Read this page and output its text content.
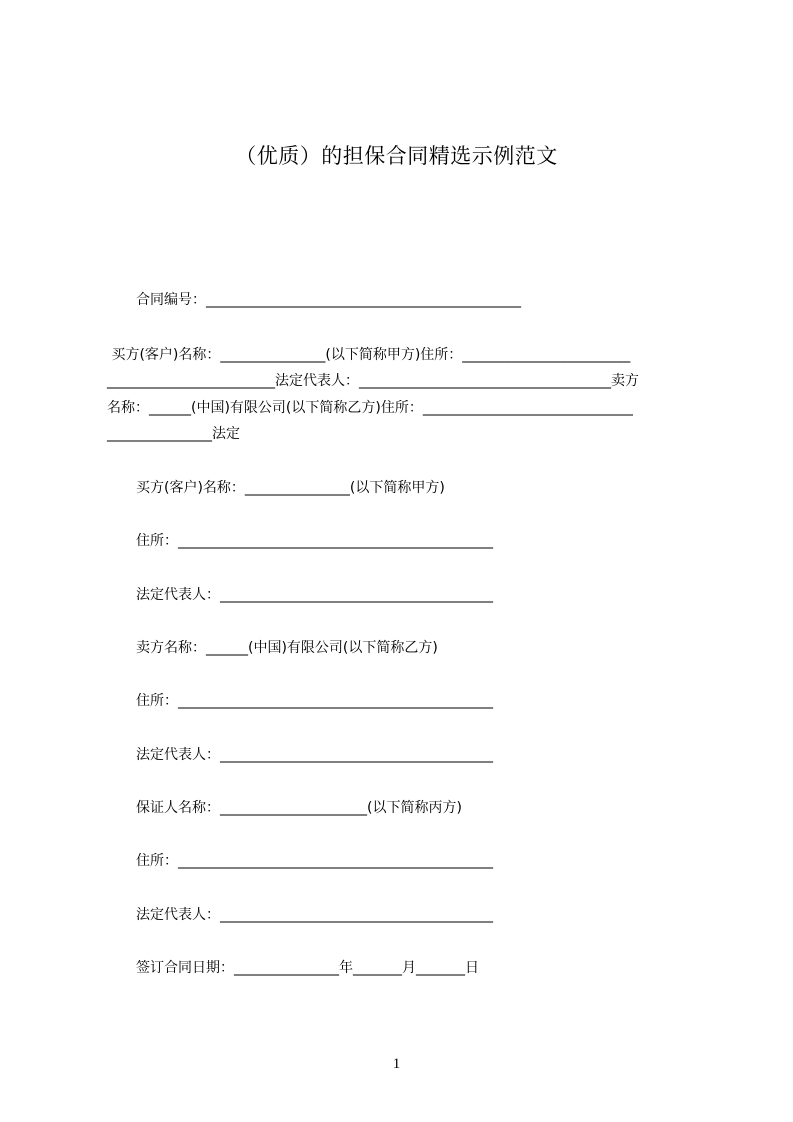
（优质）的担保合同精选示例范文
合同编号：_____________________________________________
买方(客户)名称：_______________(以下简称甲方)住所：________________________
________________________法定代表人：____________________________________卖方
名称：______(中国)有限公司(以下简称乙方)住所：______________________________
_______________法定
买方(客户)名称：_______________(以下简称甲方)
住所：_____________________________________________
法定代表人：_______________________________________
卖方名称：______(中国)有限公司(以下简称乙方)
住所：_____________________________________________
法定代表人：_______________________________________
保证人名称：_____________________(以下简称丙方)
住所：_____________________________________________
法定代表人：_______________________________________
签订合同日期：_______________年_______月_______日
1
